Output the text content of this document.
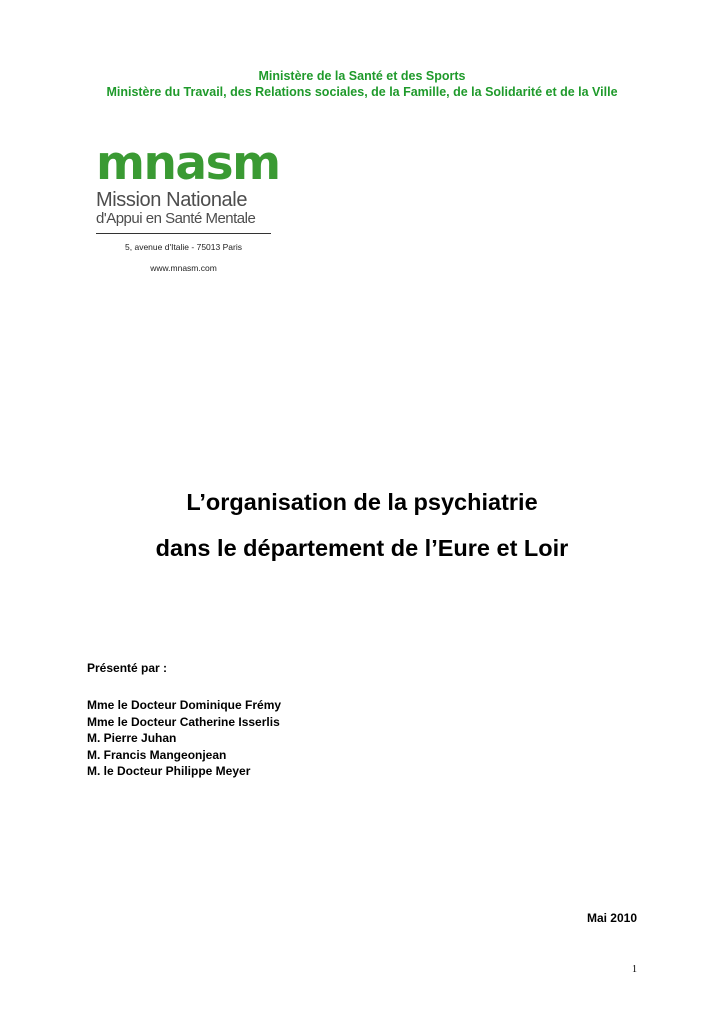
Ministère de la Santé et des Sports
Ministère du Travail, des Relations sociales, de la Famille, de la Solidarité et de la Ville
mnasm
Mission Nationale
d'Appui en Santé Mentale
5, avenue d'Italie - 75013 Paris
www.mnasm.com
L’organisation de la psychiatrie
dans le département de l’Eure et Loir
Présenté par :
Mme le Docteur Dominique Frémy
Mme le Docteur Catherine Isserlis
M. Pierre Juhan
M. Francis Mangeonjean
M. le Docteur Philippe Meyer
Mai 2010
1
